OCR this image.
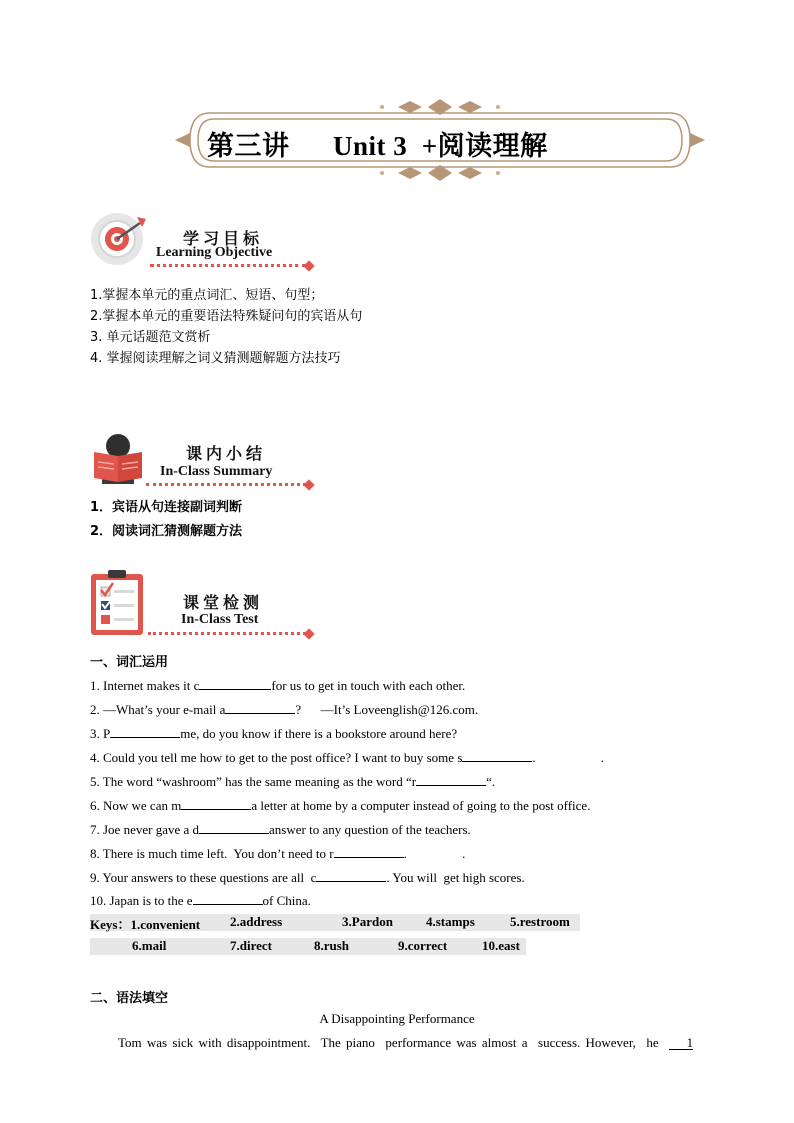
第三讲      Unit 3  +阅读理解
学习目标
Learning Objective
1.掌握本单元的重点词汇、短语、句型；
2.掌握本单元的重要语法特殊疑问句的宾语从句
3. 单元话题范文赏析
4. 掌握阅读理解之词义猜测题解题方法技巧
课内小结
In-Class Summary
1．宾语从句连接副词判断
2．阅读词汇猜测解题方法
课堂检测
In-Class Test
一、词汇运用
1. Internet makes it c	for us to get in touch with each other.
2. —What’s your e-mail a	?      —It’s Loveenglish@126.com.
3. P	me, do you know if there is a bookstore around here?
4. Could you tell me how to get to the post office? I want to buy some s	.                    .
5. The word “washroom” has the same meaning as the word “r	“.
6. Now we can m	a letter at home by a computer instead of going to the post office.
7. Joe never gave a d	answer to any question of the teachers.
8. There is much time left.  You don’t need to r	.                 .
9. Your answers to these questions are all  c	. You will  get high scores.
10. Japan is to the e	of China.
Keys：1.convenient 2.address	3.Pardon	4.stamps	5.restroom
6.mail	7.direct	8.rush	9.correct	10.east
二、语法填空
A Disappointing Performance
Tom was sick with disappointment.  The piano  performance was almost a  success. However,  he 1
